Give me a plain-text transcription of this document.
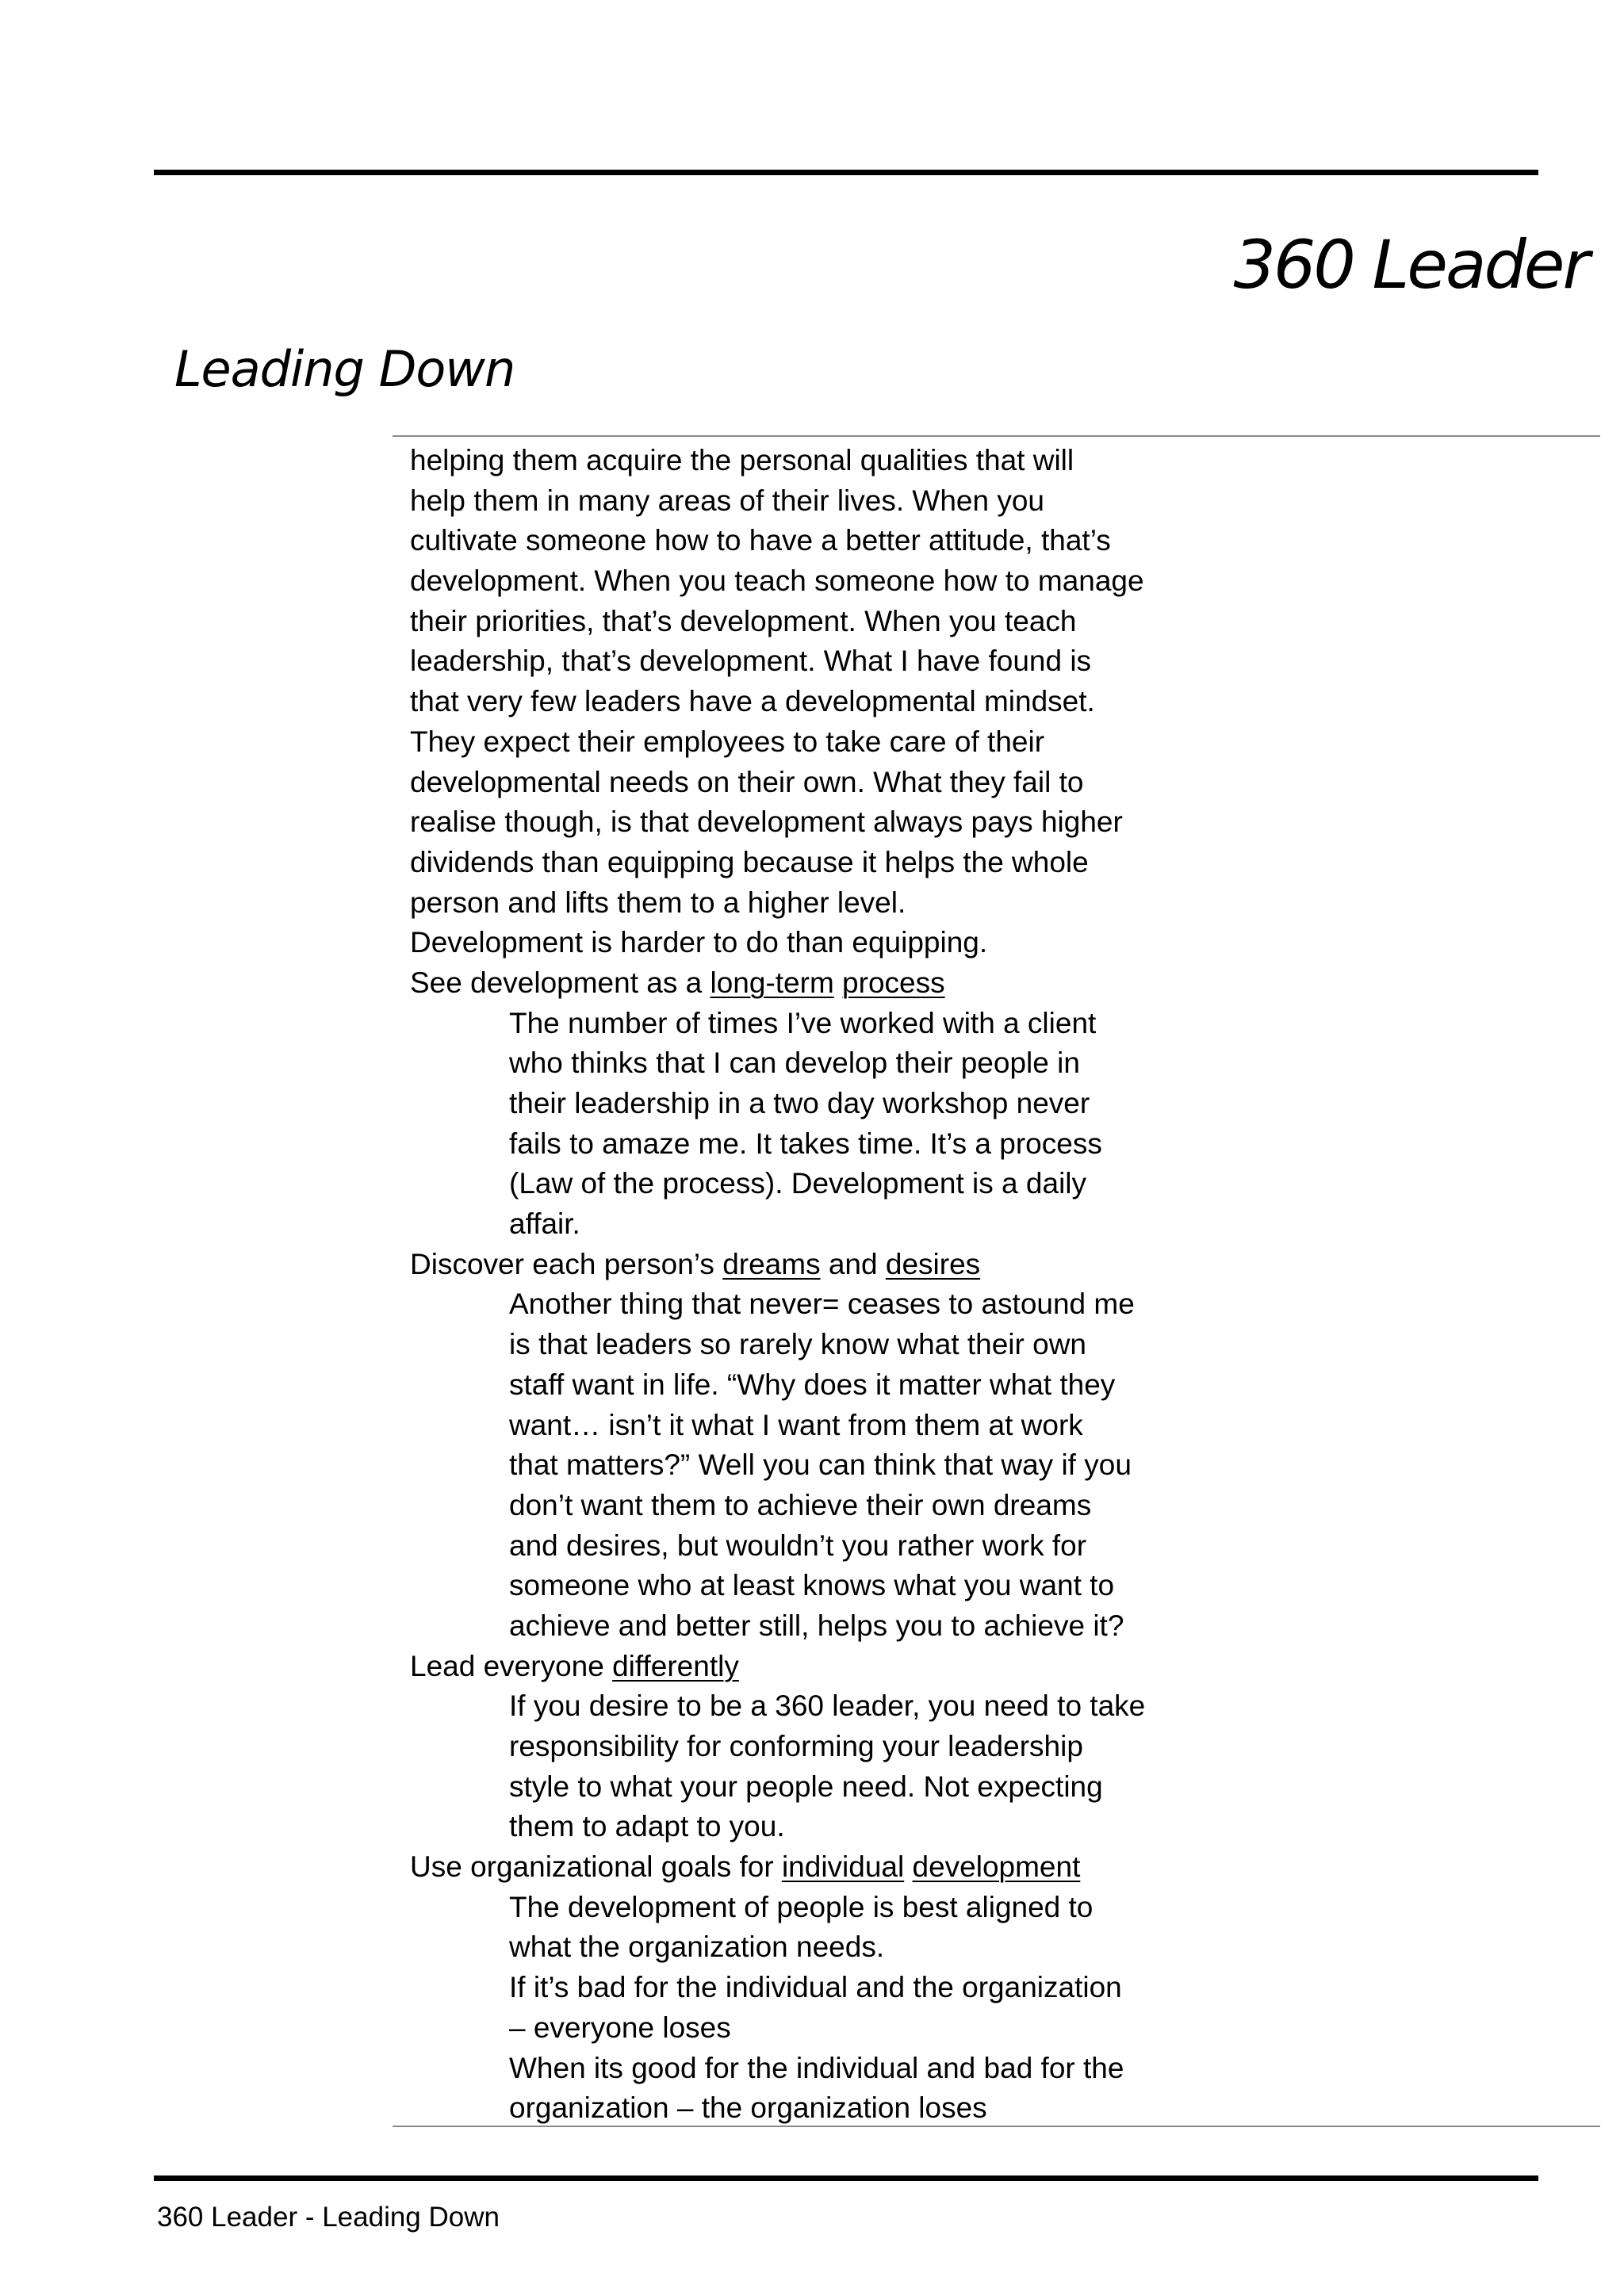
360 Leader
Leading Down
helping them acquire the personal qualities that will
help them in many areas of their lives. When you
cultivate someone how to have a better attitude, that’s
development. When you teach someone how to manage
their priorities, that’s development. When you teach
leadership, that’s development. What I have found is
that very few leaders have a developmental mindset.
They expect their employees to take care of their
developmental needs on their own. What they fail to
realise though, is that development always pays higher
dividends than equipping because it helps the whole
person and lifts them to a higher level.
Development is harder to do than equipping.
See development as a long-term process
The number of times I’ve worked with a client
who thinks that I can develop their people in
their leadership in a two day workshop never
fails to amaze me. It takes time. It’s a process
(Law of the process). Development is a daily
affair.
Discover each person’s dreams and desires
Another thing that never= ceases to astound me
is that leaders so rarely know what their own
staff want in life. “Why does it matter what they
want… isn’t it what I want from them at work
that matters?” Well you can think that way if you
don’t want them to achieve their own dreams
and desires, but wouldn’t you rather work for
someone who at least knows what you want to
achieve and better still, helps you to achieve it?
Lead everyone differently
If you desire to be a 360 leader, you need to take
responsibility for conforming your leadership
style to what your people need. Not expecting
them to adapt to you.
Use organizational goals for individual development
The development of people is best aligned to
what the organization needs.
If it’s bad for the individual and the organization
– everyone loses
When its good for the individual and bad for the
organization – the organization loses
360 Leader - Leading Down
